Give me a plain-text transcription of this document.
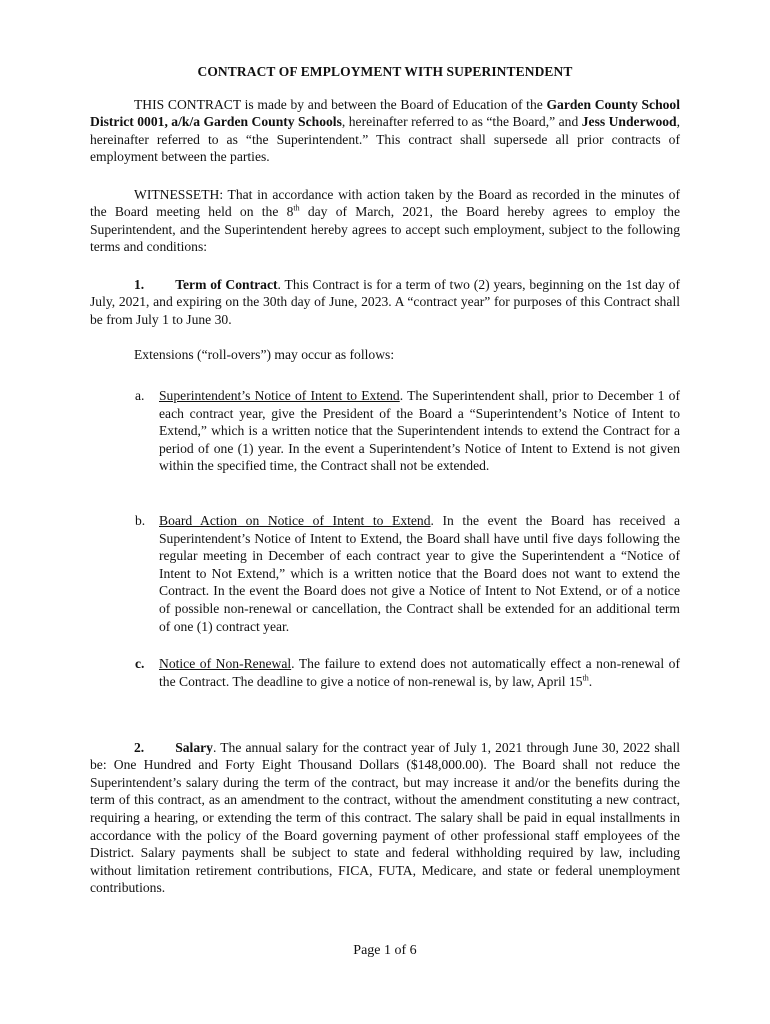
CONTRACT OF EMPLOYMENT WITH SUPERINTENDENT

THIS CONTRACT is made by and between the Board of Education of the Garden County School District 0001, a/k/a Garden County Schools, hereinafter referred to as “the Board,” and Jess Underwood, hereinafter referred to as “the Superintendent.” This contract shall supersede all prior contracts of employment between the parties.

WITNESSETH: That in accordance with action taken by the Board as recorded in the minutes of the Board meeting held on the 8th day of March, 2021, the Board hereby agrees to employ the Superintendent, and the Superintendent hereby agrees to accept such employment, subject to the following terms and conditions:

1. Term of Contract. This Contract is for a term of two (2) years, beginning on the 1st day of July, 2021, and expiring on the 30th day of June, 2023. A “contract year” for purposes of this Contract shall be from July 1 to June 30.

Extensions (“roll-overs”) may occur as follows:

a.	Superintendent’s Notice of Intent to Extend. The Superintendent shall, prior to December 1 of each contract year, give the President of the Board a “Superintendent’s Notice of Intent to Extend,” which is a written notice that the Superintendent intends to extend the Contract for a period of one (1) year. In the event a Superintendent’s Notice of Intent to Extend is not given within the specified time, the Contract shall not be extended.
b.	Board Action on Notice of Intent to Extend. In the event the Board has received a Superintendent’s Notice of Intent to Extend, the Board shall have until five days following the regular meeting in December of each contract year to give the Superintendent a “Notice of Intent to Not Extend,” which is a written notice that the Board does not want to extend the Contract. In the event the Board does not give a Notice of Intent to Not Extend, or of a notice of possible non-renewal or cancellation, the Contract shall be extended for an additional term of one (1) contract year.
c.	Notice of Non-Renewal. The failure to extend does not automatically effect a non-renewal of the Contract. The deadline to give a notice of non-renewal is, by law, April 15th.

2. Salary. The annual salary for the contract year of July 1, 2021 through June 30, 2022 shall be: One Hundred and Forty Eight Thousand Dollars ($148,000.00). The Board shall not reduce the Superintendent’s salary during the term of the contract, but may increase it and/or the benefits during the term of this contract, as an amendment to the contract, without the amendment constituting a new contract, requiring a hearing, or extending the term of this contract. The salary shall be paid in equal installments in accordance with the policy of the Board governing payment of other professional staff employees of the District. Salary payments shall be subject to state and federal withholding required by law, including without limitation retirement contributions, FICA, FUTA, Medicare, and state or federal unemployment contributions.

Page 1 of 6
